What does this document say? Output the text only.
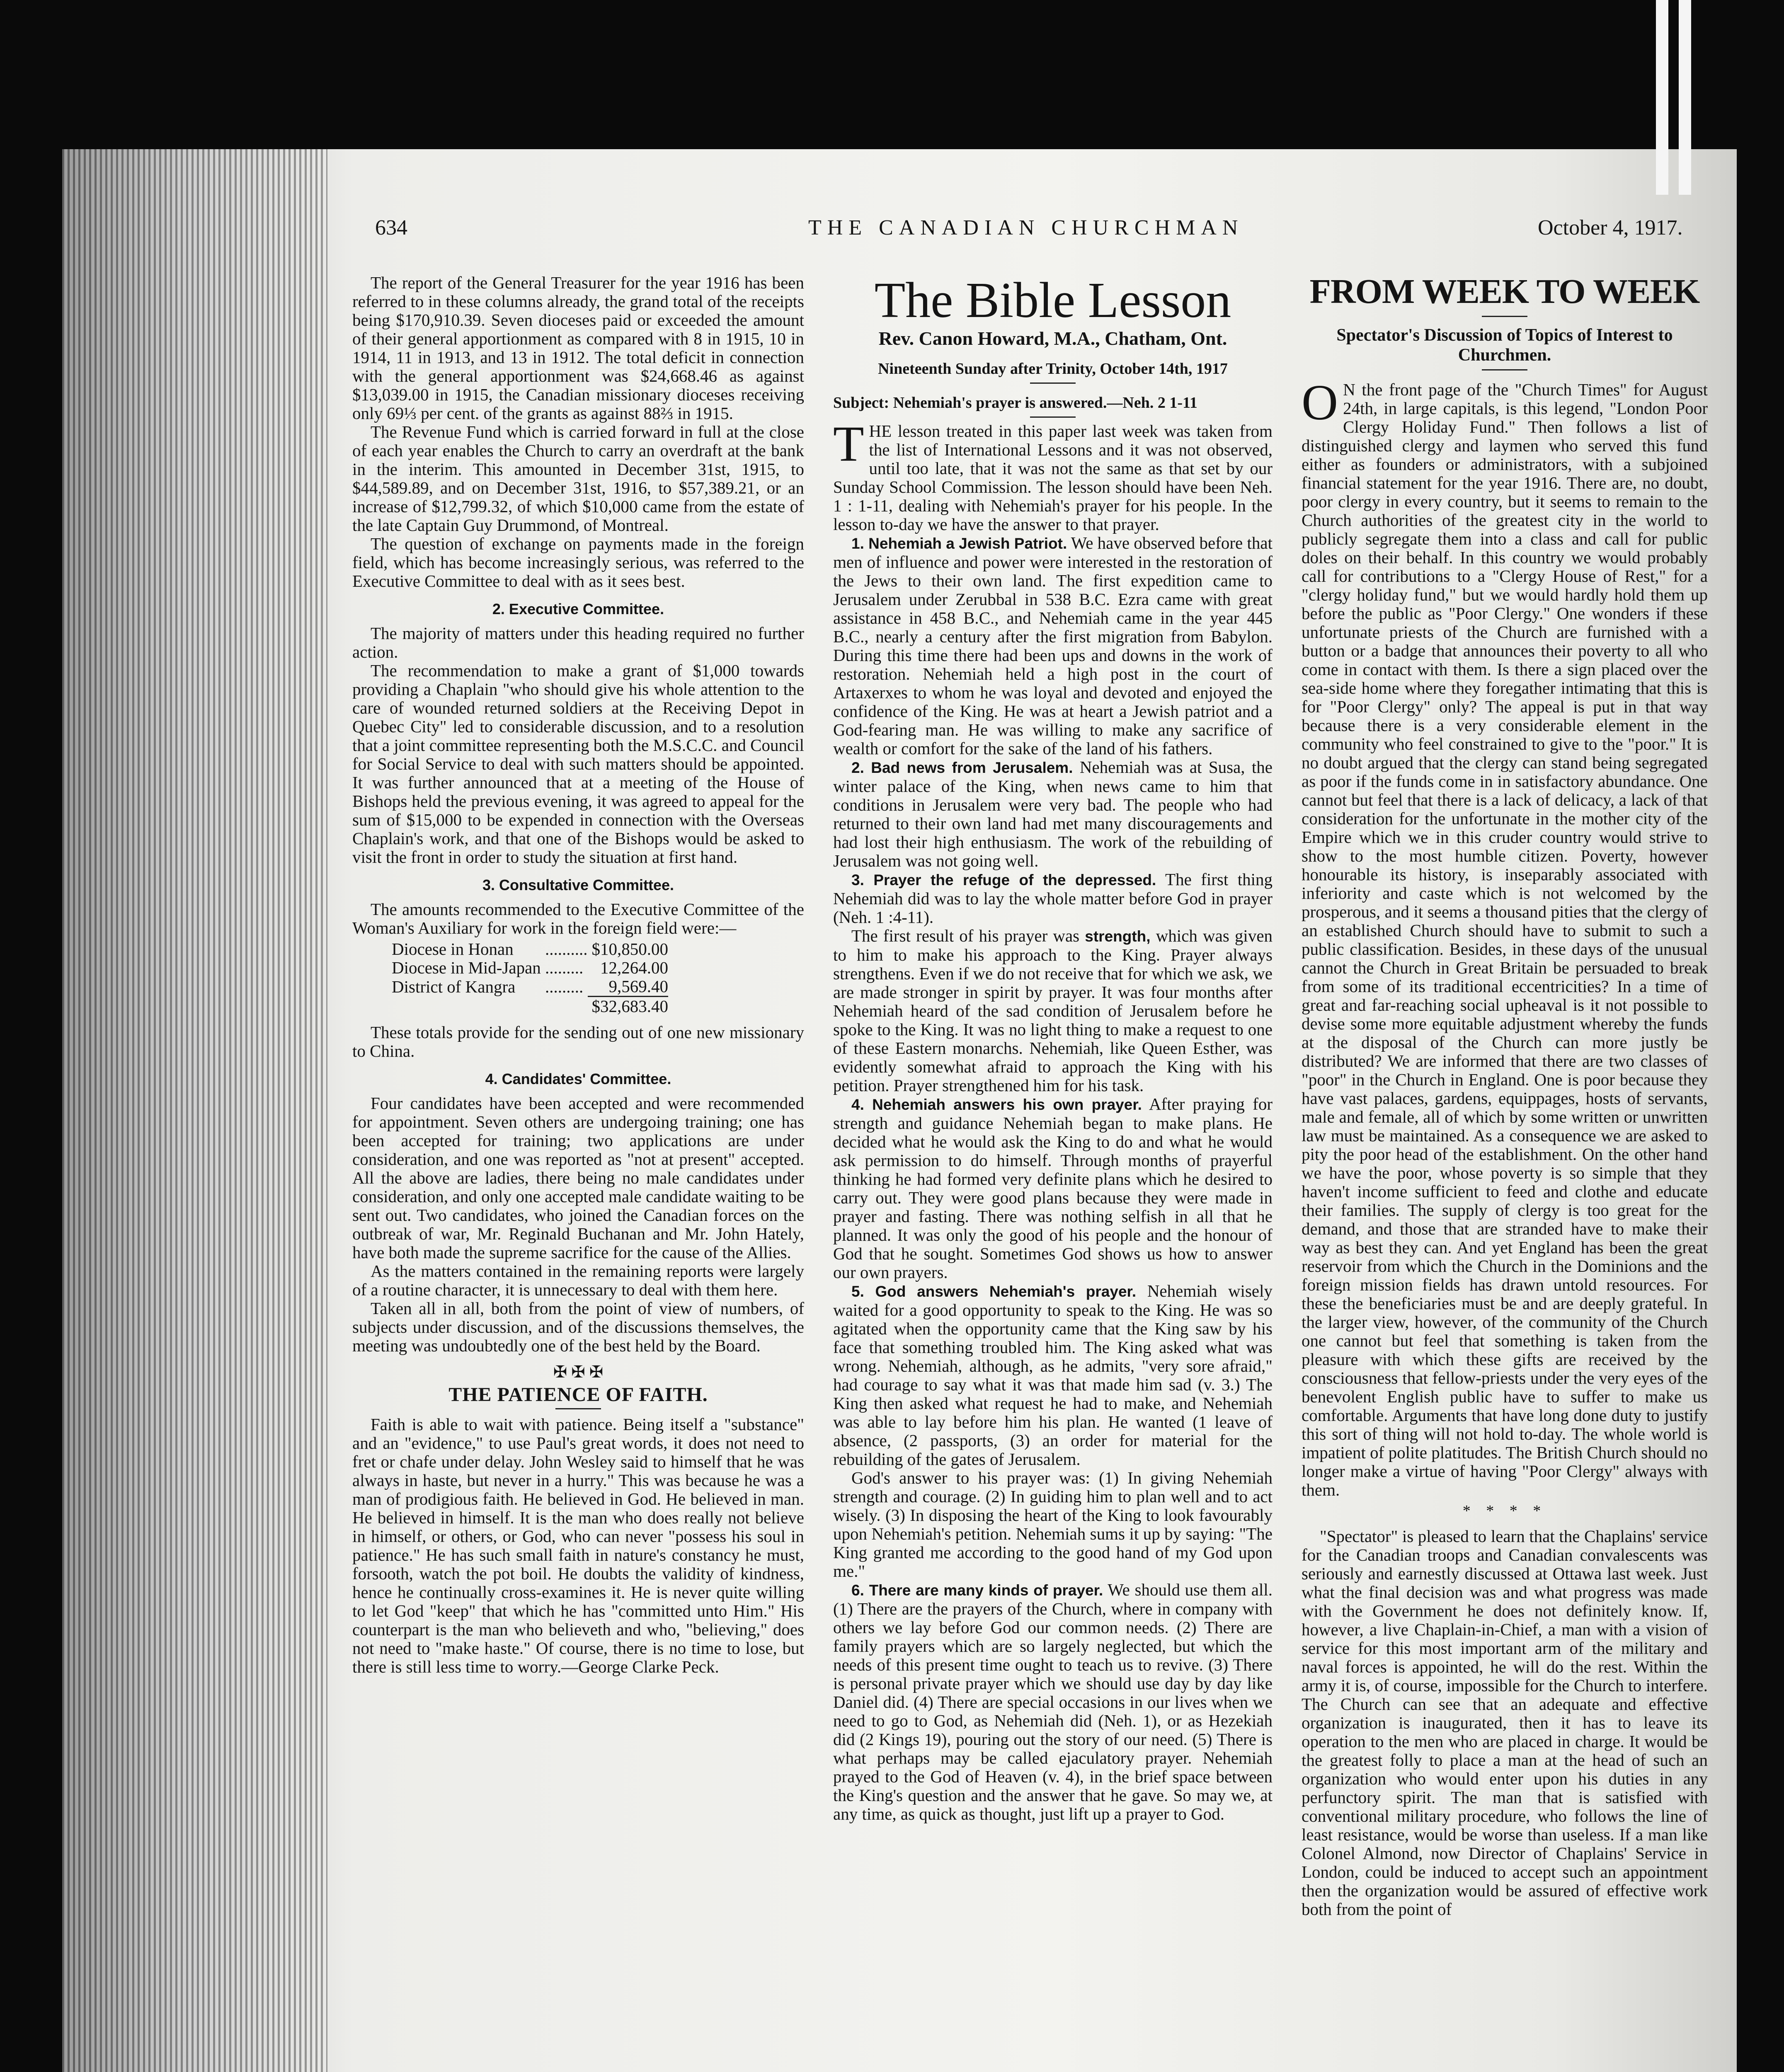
634	THE CANADIAN CHURCHMAN	October 4, 1917.

The report of the General Treasurer for the year 1916 has been referred to in these columns already, the grand total of the receipts being $170,910.39. Seven dioceses paid or exceeded the amount of their general apportionment as compared with 8 in 1915, 10 in 1914, 11 in 1913, and 13 in 1912. The total deficit in connection with the general apportionment was $24,668.46 as against $13,039.00 in 1915, the Canadian missionary dioceses receiving only 69⅓ per cent. of the grants as against 88⅔ in 1915.

The Revenue Fund which is carried forward in full at the close of each year enables the Church to carry an overdraft at the bank in the interim. This amounted in December 31st, 1915, to $44,589.89, and on December 31st, 1916, to $57,389.21, or an increase of $12,799.32, of which $10,000 came from the estate of the late Captain Guy Drummond, of Montreal.

The question of exchange on payments made in the foreign field, which has become increasingly serious, was referred to the Executive Committee to deal with as it sees best.

2. Executive Committee.

The majority of matters under this heading required no further action.

The recommendation to make a grant of $1,000 towards providing a Chaplain "who should give his whole attention to the care of wounded returned soldiers at the Receiving Depot in Quebec City" led to considerable discussion, and to a resolution that a joint committee representing both the M.S.C.C. and Council for Social Service to deal with such matters should be appointed. It was further announced that at a meeting of the House of Bishops held the previous evening, it was agreed to appeal for the sum of $15,000 to be expended in connection with the Overseas Chaplain's work, and that one of the Bishops would be asked to visit the front in order to study the situation at first hand.

3. Consultative Committee.

The amounts recommended to the Executive Committee of the Woman's Auxiliary for work in the foreign field were:—

Diocese in Honan	..........	$10,850.00
Diocese in Mid-Japan	.........	12,264.00
District of Kangra	.........	9,569.40
		$32,683.40

These totals provide for the sending out of one new missionary to China.

4. Candidates' Committee.

Four candidates have been accepted and were recommended for appointment. Seven others are undergoing training; one has been accepted for training; two applications are under consideration, and one was reported as "not at present" accepted. All the above are ladies, there being no male candidates under consideration, and only one accepted male candidate waiting to be sent out. Two candidates, who joined the Canadian forces on the outbreak of war, Mr. Reginald Buchanan and Mr. John Hately, have both made the supreme sacrifice for the cause of the Allies.

As the matters contained in the remaining reports were largely of a routine character, it is unnecessary to deal with them here.

Taken all in all, both from the point of view of numbers, of subjects under discussion, and of the discussions themselves, the meeting was undoubtedly one of the best held by the Board.

✠ ✠ ✠
THE PATIENCE OF FAITH.

Faith is able to wait with patience. Being itself a "substance" and an "evidence," to use Paul's great words, it does not need to fret or chafe under delay. John Wesley said to himself that he was always in haste, but never in a hurry." This was because he was a man of prodigious faith. He believed in God. He believed in man. He believed in himself. It is the man who does really not believe in himself, or others, or God, who can never "possess his soul in patience." He has such small faith in nature's constancy he must, forsooth, watch the pot boil. He doubts the validity of kindness, hence he continually cross-examines it. He is never quite willing to let God "keep" that which he has "committed unto Him." His counterpart is the man who believeth and who, "believing," does not need to "make haste." Of course, there is no time to lose, but there is still less time to worry.—George Clarke Peck.

The Bible Lesson
Rev. Canon Howard, M.A., Chatham, Ont.
Nineteenth Sunday after Trinity, October 14th, 1917
Subject: Nehemiah's prayer is answered.—Neh. 2 1-11

THE lesson treated in this paper last week was taken from the list of International Lessons and it was not observed, until too late, that it was not the same as that set by our Sunday School Commission. The lesson should have been Neh. 1 : 1-11, dealing with Nehemiah's prayer for his people. In the lesson to-day we have the answer to that prayer.

1. Nehemiah a Jewish Patriot. We have observed before that men of influence and power were interested in the restoration of the Jews to their own land. The first expedition came to Jerusalem under Zerubbal in 538 B.C. Ezra came with great assistance in 458 B.C., and Nehemiah came in the year 445 B.C., nearly a century after the first migration from Babylon. During this time there had been ups and downs in the work of restoration. Nehemiah held a high post in the court of Artaxerxes to whom he was loyal and devoted and enjoyed the confidence of the King. He was at heart a Jewish patriot and a God-fearing man. He was willing to make any sacrifice of wealth or comfort for the sake of the land of his fathers.

2. Bad news from Jerusalem. Nehemiah was at Susa, the winter palace of the King, when news came to him that conditions in Jerusalem were very bad. The people who had returned to their own land had met many discouragements and had lost their high enthusiasm. The work of the rebuilding of Jerusalem was not going well.

3. Prayer the refuge of the depressed. The first thing Nehemiah did was to lay the whole matter before God in prayer (Neh. 1 :4-11).

The first result of his prayer was strength, which was given to him to make his approach to the King. Prayer always strengthens. Even if we do not receive that for which we ask, we are made stronger in spirit by prayer. It was four months after Nehemiah heard of the sad condition of Jerusalem before he spoke to the King. It was no light thing to make a request to one of these Eastern monarchs. Nehemiah, like Queen Esther, was evidently somewhat afraid to approach the King with his petition. Prayer strengthened him for his task.

4. Nehemiah answers his own prayer. After praying for strength and guidance Nehemiah began to make plans. He decided what he would ask the King to do and what he would ask permission to do himself. Through months of prayerful thinking he had formed very definite plans which he desired to carry out. They were good plans because they were made in prayer and fasting. There was nothing selfish in all that he planned. It was only the good of his people and the honour of God that he sought. Sometimes God shows us how to answer our own prayers.

5. God answers Nehemiah's prayer. Nehemiah wisely waited for a good opportunity to speak to the King. He was so agitated when the opportunity came that the King saw by his face that something troubled him. The King asked what was wrong. Nehemiah, although, as he admits, "very sore afraid," had courage to say what it was that made him sad (v. 3.) The King then asked what request he had to make, and Nehemiah was able to lay before him his plan. He wanted (1 leave of absence, (2 passports, (3) an order for material for the rebuilding of the gates of Jerusalem.

God's answer to his prayer was: (1) In giving Nehemiah strength and courage. (2) In guiding him to plan well and to act wisely. (3) In disposing the heart of the King to look favourably upon Nehemiah's petition. Nehemiah sums it up by saying: "The King granted me according to the good hand of my God upon me."

6. There are many kinds of prayer. We should use them all. (1) There are the prayers of the Church, where in company with others we lay before God our common needs. (2) There are family prayers which are so largely neglected, but which the needs of this present time ought to teach us to revive. (3) There is personal private prayer which we should use day by day like Daniel did. (4) There are special occasions in our lives when we need to go to God, as Nehemiah did (Neh. 1), or as Hezekiah did (2 Kings 19), pouring out the story of our need. (5) There is what perhaps may be called ejaculatory prayer. Nehemiah prayed to the God of Heaven (v. 4), in the brief space between the King's question and the answer that he gave. So may we, at any time, as quick as thought, just lift up a prayer to God.

FROM WEEK TO WEEK
Spectator's Discussion of Topics of Interest to Churchmen.

O N the front page of the "Church Times" for August 24th, in large capitals, is this legend, "London Poor Clergy Holiday Fund." Then follows a list of distinguished clergy and laymen who served this fund either as founders or administrators, with a subjoined financial statement for the year 1916. There are, no doubt, poor clergy in every country, but it seems to remain to the Church authorities of the greatest city in the world to publicly segregate them into a class and call for public doles on their behalf. In this country we would probably call for contributions to a "Clergy House of Rest," for a "clergy holiday fund," but we would hardly hold them up before the public as "Poor Clergy." One wonders if these unfortunate priests of the Church are furnished with a button or a badge that announces their poverty to all who come in contact with them. Is there a sign placed over the sea-side home where they foregather intimating that this is for "Poor Clergy" only? The appeal is put in that way because there is a very considerable element in the community who feel constrained to give to the "poor." It is no doubt argued that the clergy can stand being segregated as poor if the funds come in in satisfactory abundance. One cannot but feel that there is a lack of delicacy, a lack of that consideration for the unfortunate in the mother city of the Empire which we in this cruder country would strive to show to the most humble citizen. Poverty, however honourable its history, is inseparably associated with inferiority and caste which is not welcomed by the prosperous, and it seems a thousand pities that the clergy of an established Church should have to submit to such a public classification. Besides, in these days of the unusual cannot the Church in Great Britain be persuaded to break from some of its traditional eccentricities? In a time of great and far-reaching social upheaval is it not possible to devise some more equitable adjustment whereby the funds at the disposal of the Church can more justly be distributed? We are informed that there are two classes of "poor" in the Church in England. One is poor because they have vast palaces, gardens, equippages, hosts of servants, male and female, all of which by some written or unwritten law must be maintained. As a consequence we are asked to pity the poor head of the establishment. On the other hand we have the poor, whose poverty is so simple that they haven't income sufficient to feed and clothe and educate their families. The supply of clergy is too great for the demand, and those that are stranded have to make their way as best they can. And yet England has been the great reservoir from which the Church in the Dominions and the foreign mission fields has drawn untold resources. For these the beneficiaries must be and are deeply grateful. In the larger view, however, of the community of the Church one cannot but feel that something is taken from the pleasure with which these gifts are received by the consciousness that fellow-priests under the very eyes of the benevolent English public have to suffer to make us comfortable. Arguments that have long done duty to justify this sort of thing will not hold to-day. The whole world is impatient of polite platitudes. The British Church should no longer make a virtue of having "Poor Clergy" always with them.

* * * *

"Spectator" is pleased to learn that the Chaplains' service for the Canadian troops and Canadian convalescents was seriously and earnestly discussed at Ottawa last week. Just what the final decision was and what progress was made with the Government he does not definitely know. If, however, a live Chaplain-in-Chief, a man with a vision of service for this most important arm of the military and naval forces is appointed, he will do the rest. Within the army it is, of course, impossible for the Church to interfere. The Church can see that an adequate and effective organization is inaugurated, then it has to leave its operation to the men who are placed in charge. It would be the greatest folly to place a man at the head of such an organization who would enter upon his duties in any perfunctory spirit. The man that is satisfied with conventional military procedure, who follows the line of least resistance, would be worse than useless. If a man like Colonel Almond, now Director of Chaplains' Service in London, could be induced to accept such an appointment then the organization would be assured of effective work both from the point of
